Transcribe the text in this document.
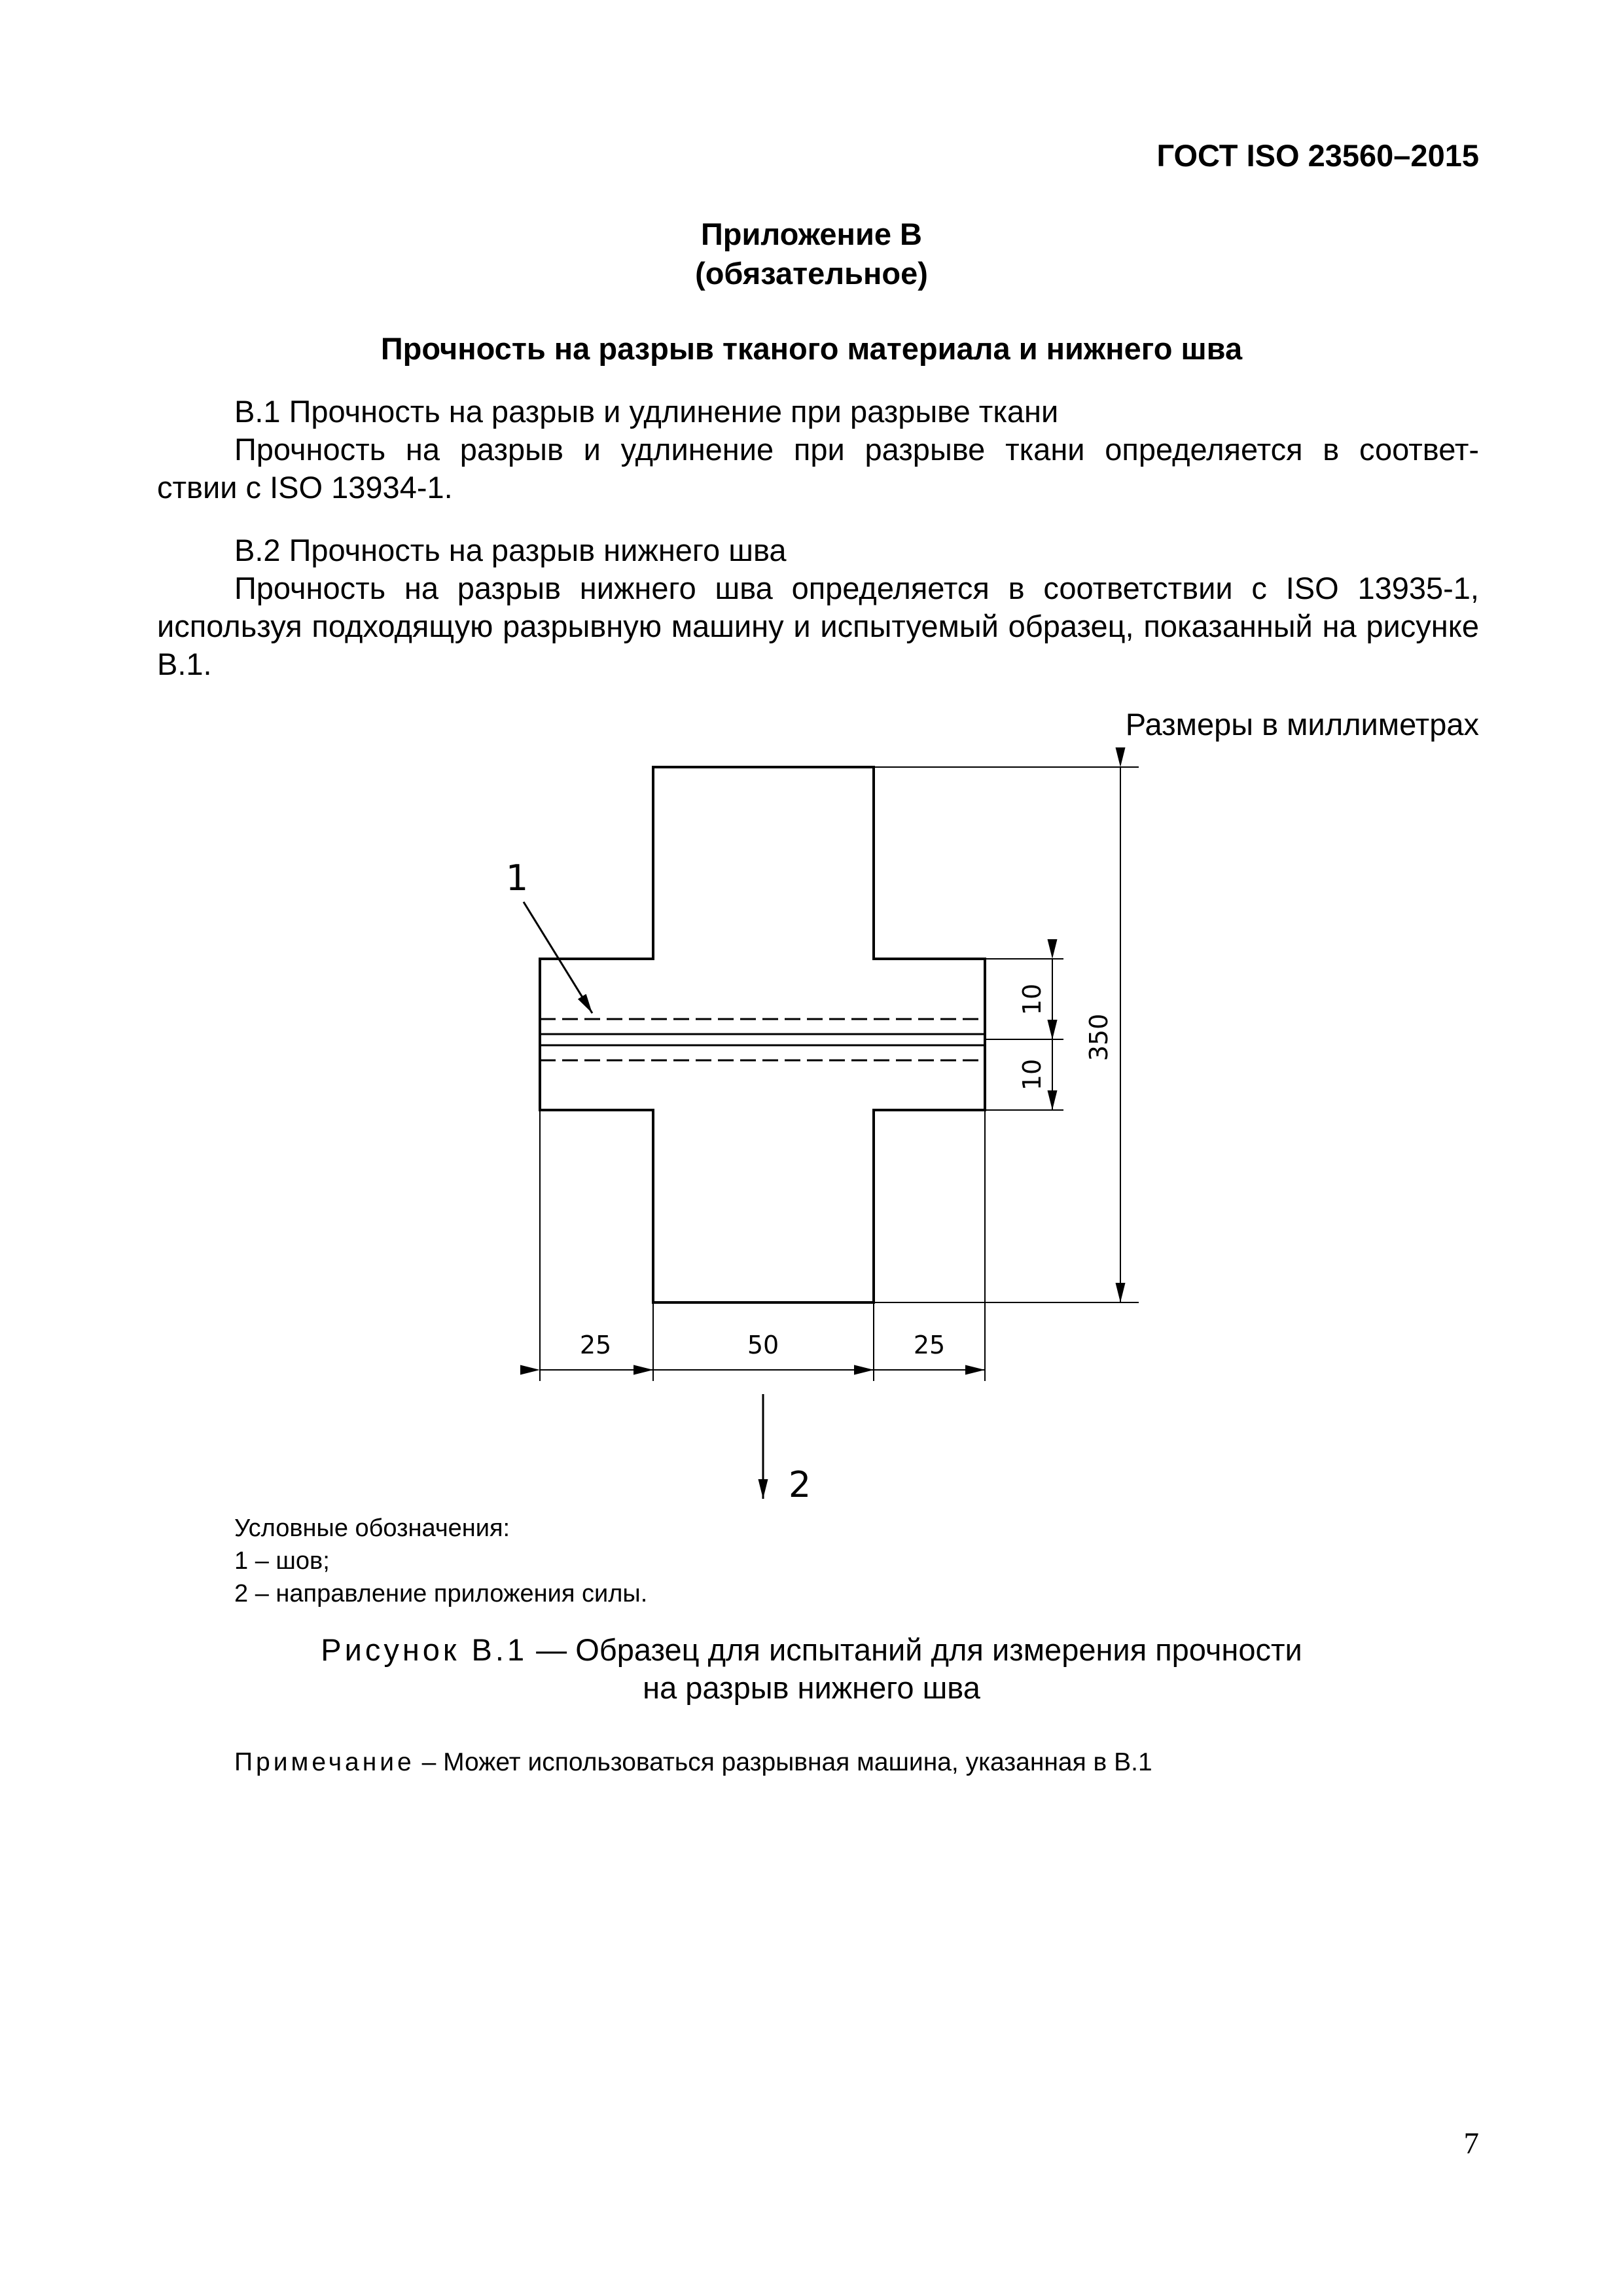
ГОСТ ISO 23560–2015
Приложение В
(обязательное)
Прочность на разрыв тканого материала и нижнего шва
В.1 Прочность на разрыв и удлинение при разрыве ткани
Прочность на разрыв и удлинение при разрыве ткани определяется в соответ-
ствии с ISO 13934-1.
В.2 Прочность на разрыв нижнего шва
Прочность на разрыв нижнего шва определяется в соответствии с ISO 13935-1, используя подходящую разрывную машину и испытуемый образец, показанный на рисунке В.1.
Размеры в миллиметрах
1
10
10
350
25	50	25
2
Условные обозначения:
1 – шов;
2 – направление приложения силы.
Рисунок В.1 — Образец для испытаний для измерения прочности
на разрыв нижнего шва
Примечание – Может использоваться разрывная машина, указанная в В.1
7
